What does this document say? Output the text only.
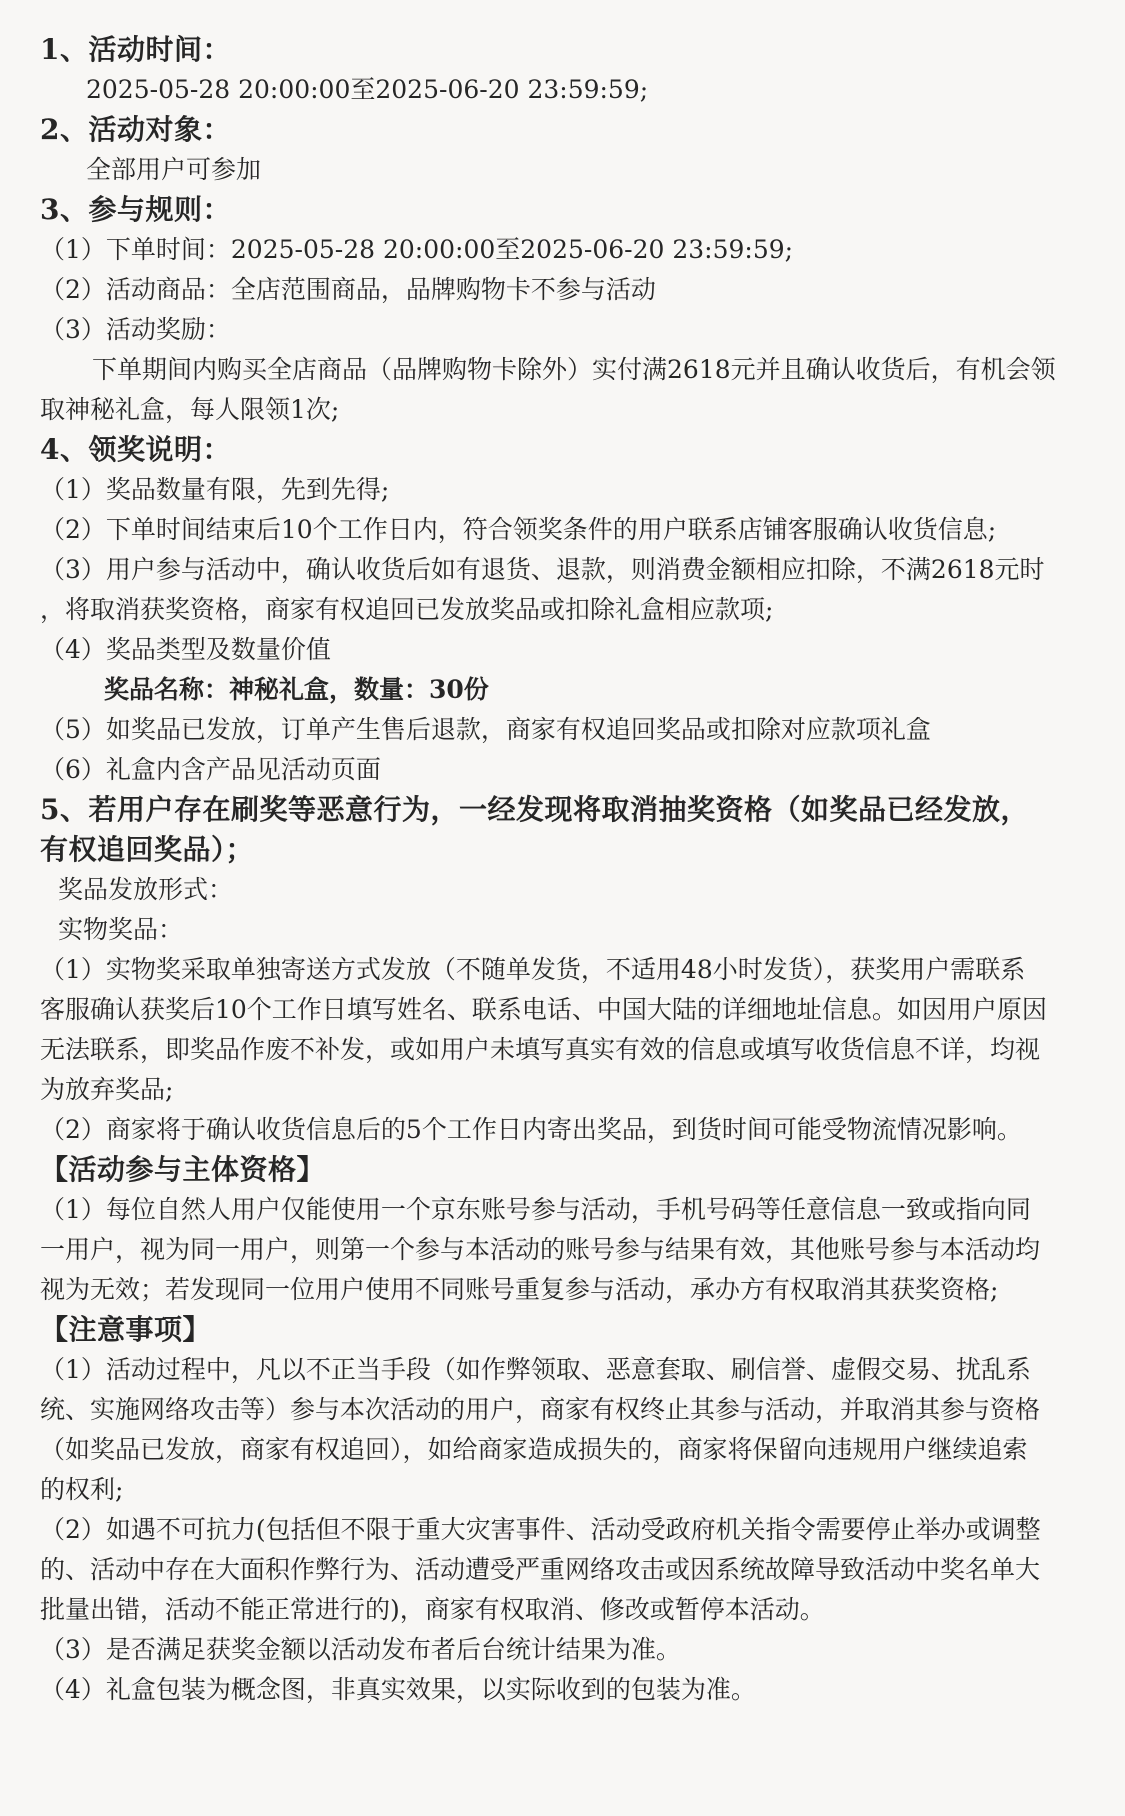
1、活动时间：
2025-05-28 20:00:00至2025-06-20 23:59:59;
2、活动对象：
全部用户可参加
3、参与规则：
（1）下单时间：2025-05-28 20:00:00至2025-06-20 23:59:59;
（2）活动商品：全店范围商品，品牌购物卡不参与活动
（3）活动奖励：
下单期间内购买全店商品（品牌购物卡除外）实付满2618元并且确认收货后，有机会领
取神秘礼盒，每人限领1次;
4、领奖说明：
（1）奖品数量有限，先到先得;
（2）下单时间结束后10个工作日内，符合领奖条件的用户联系店铺客服确认收货信息;
（3）用户参与活动中，确认收货后如有退货、退款，则消费金额相应扣除，不满2618元时
，将取消获奖资格，商家有权追回已发放奖品或扣除礼盒相应款项;
（4）奖品类型及数量价值
奖品名称：神秘礼盒，数量：30份
（5）如奖品已发放，订单产生售后退款，商家有权追回奖品或扣除对应款项礼盒
（6）礼盒内含产品见活动页面
5、若用户存在刷奖等恶意行为，一经发现将取消抽奖资格（如奖品已经发放，
有权追回奖品）；
奖品发放形式：
实物奖品：
（1）实物奖采取单独寄送方式发放（不随单发货，不适用48小时发货），获奖用户需联系
客服确认获奖后10个工作日填写姓名、联系电话、中国大陆的详细地址信息。如因用户原因
无法联系，即奖品作废不补发，或如用户未填写真实有效的信息或填写收货信息不详，均视
为放弃奖品;
（2）商家将于确认收货信息后的5个工作日内寄出奖品，到货时间可能受物流情况影响。
【活动参与主体资格】
（1）每位自然人用户仅能使用一个京东账号参与活动，手机号码等任意信息一致或指向同
一用户，视为同一用户，则第一个参与本活动的账号参与结果有效，其他账号参与本活动均
视为无效；若发现同一位用户使用不同账号重复参与活动，承办方有权取消其获奖资格;
【注意事项】
（1）活动过程中，凡以不正当手段（如作弊领取、恶意套取、刷信誉、虚假交易、扰乱系
统、实施网络攻击等）参与本次活动的用户，商家有权终止其参与活动，并取消其参与资格
（如奖品已发放，商家有权追回），如给商家造成损失的，商家将保留向违规用户继续追索
的权利;
（2）如遇不可抗力(包括但不限于重大灾害事件、活动受政府机关指令需要停止举办或调整
的、活动中存在大面积作弊行为、活动遭受严重网络攻击或因系统故障导致活动中奖名单大
批量出错，活动不能正常进行的)，商家有权取消、修改或暂停本活动。
（3）是否满足获奖金额以活动发布者后台统计结果为准。
（4）礼盒包装为概念图，非真实效果，以实际收到的包装为准。
